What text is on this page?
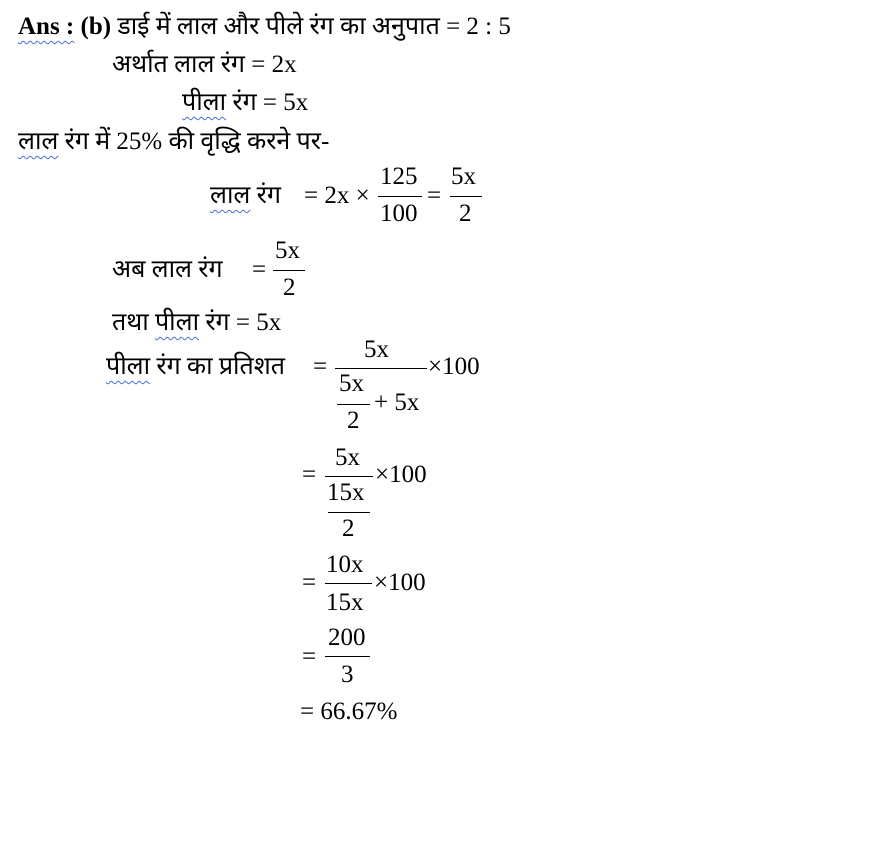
Ans : (b) डाई में लाल और पीले रंग का अनुपात = 2 : 5
अर्थात लाल रंग = 2x
पीला रंग = 5x
लाल रंग में 25% की वृद्धि करने पर-
लाल रंग = 2x ×
125
100
=
5x
2
अब लाल रंग =
5x
2
तथा पीला रंग = 5x
पीला रंग का प्रतिशत =
5x
5x
2
+ 5x
×100
=
5x
15x
2
×100
=
10x
15x
×100
=
200
3
= 66.67%
